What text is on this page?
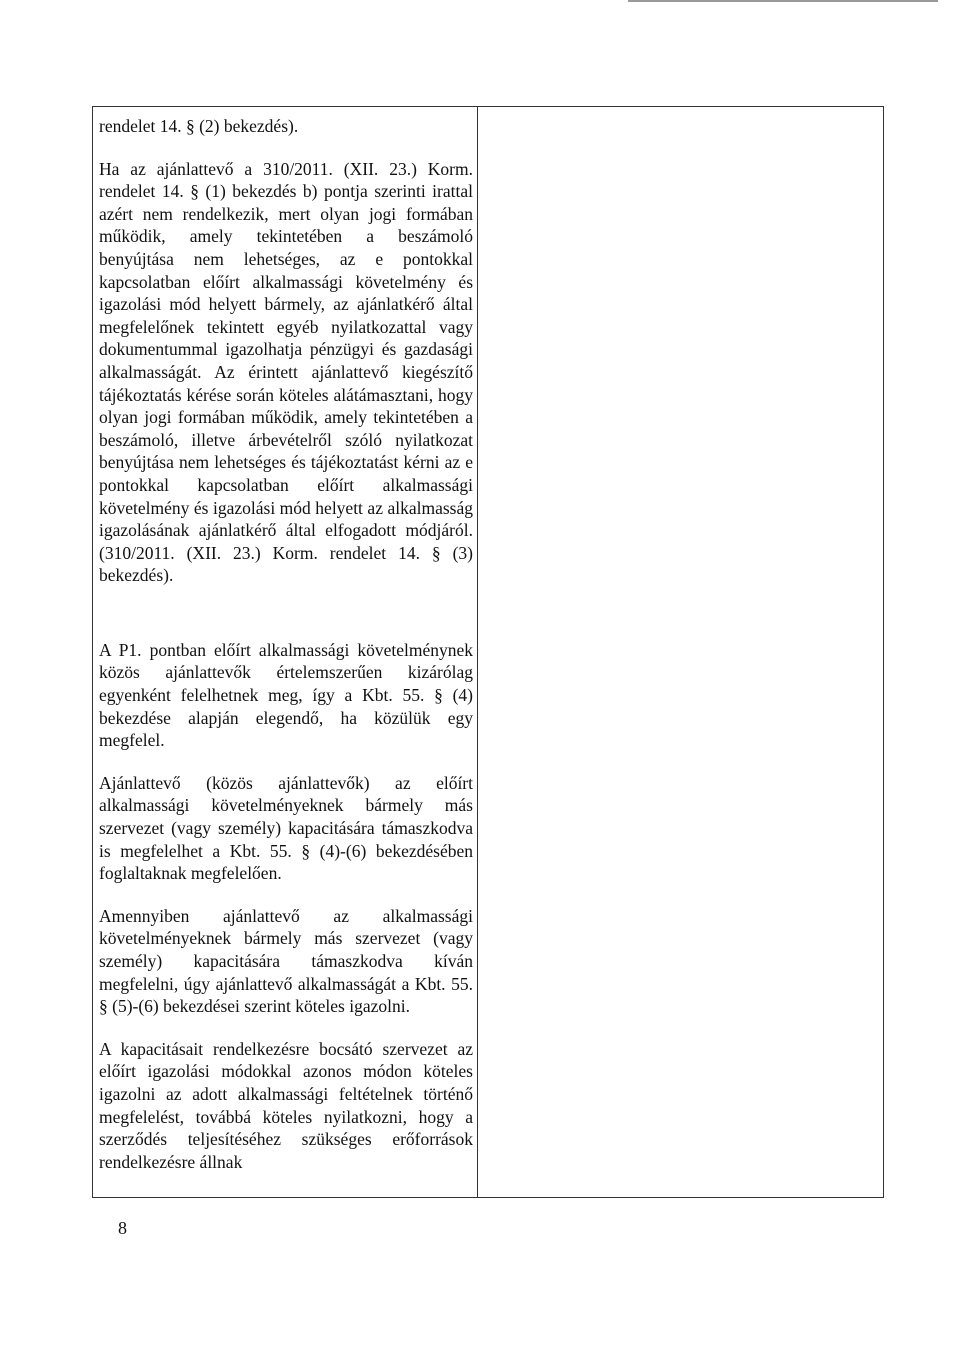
rendelet 14. § (2) bekezdés).

Ha az ajánlattevő a 310/2011. (XII. 23.) Korm. rendelet 14. § (1) bekezdés b) pontja szerinti irattal azért nem rendelkezik, mert olyan jogi formában működik, amely tekintetében a beszámoló benyújtása nem lehetséges, az e pontokkal kapcsolatban előírt alkalmassági követelmény és igazolási mód helyett bármely, az ajánlatkérő által megfelelőnek tekintett egyéb nyilatkozattal vagy dokumentummal igazolhatja pénzügyi és gazdasági alkalmasságát. Az érintett ajánlattevő kiegészítő tájékoztatás kérése során köteles alátámasztani, hogy olyan jogi formában működik, amely tekintetében a beszámoló, illetve árbevételről szóló nyilatkozat benyújtása nem lehetséges és tájékoztatást kérni az e pontokkal kapcsolatban előírt alkalmassági követelmény és igazolási mód helyett az alkalmasság igazolásának ajánlatkérő által elfogadott módjáról. (310/2011. (XII. 23.) Korm. rendelet 14. § (3) bekezdés).

A P1. pontban előírt alkalmassági követelménynek közös ajánlattevők értelemszerűen kizárólag egyenként felelhetnek meg, így a Kbt. 55. § (4) bekezdése alapján elegendő, ha közülük egy megfelel.

Ajánlattevő (közös ajánlattevők) az előírt alkalmassági követelményeknek bármely más szervezet (vagy személy) kapacitására támaszkodva is megfelelhet a Kbt. 55. § (4)-(6) bekezdésében foglaltaknak megfelelően.

Amennyiben ajánlattevő az alkalmassági követelményeknek bármely más szervezet (vagy személy) kapacitására támaszkodva kíván megfelelni, úgy ajánlattevő alkalmasságát a Kbt. 55. § (5)-(6) bekezdései szerint köteles igazolni.

A kapacitásait rendelkezésre bocsátó szervezet az előírt igazolási módokkal azonos módon köteles igazolni az adott alkalmassági feltételnek történő megfelelést, továbbá köteles nyilatkozni, hogy a szerződés teljesítéséhez szükséges erőforrások rendelkezésre állnak

8
